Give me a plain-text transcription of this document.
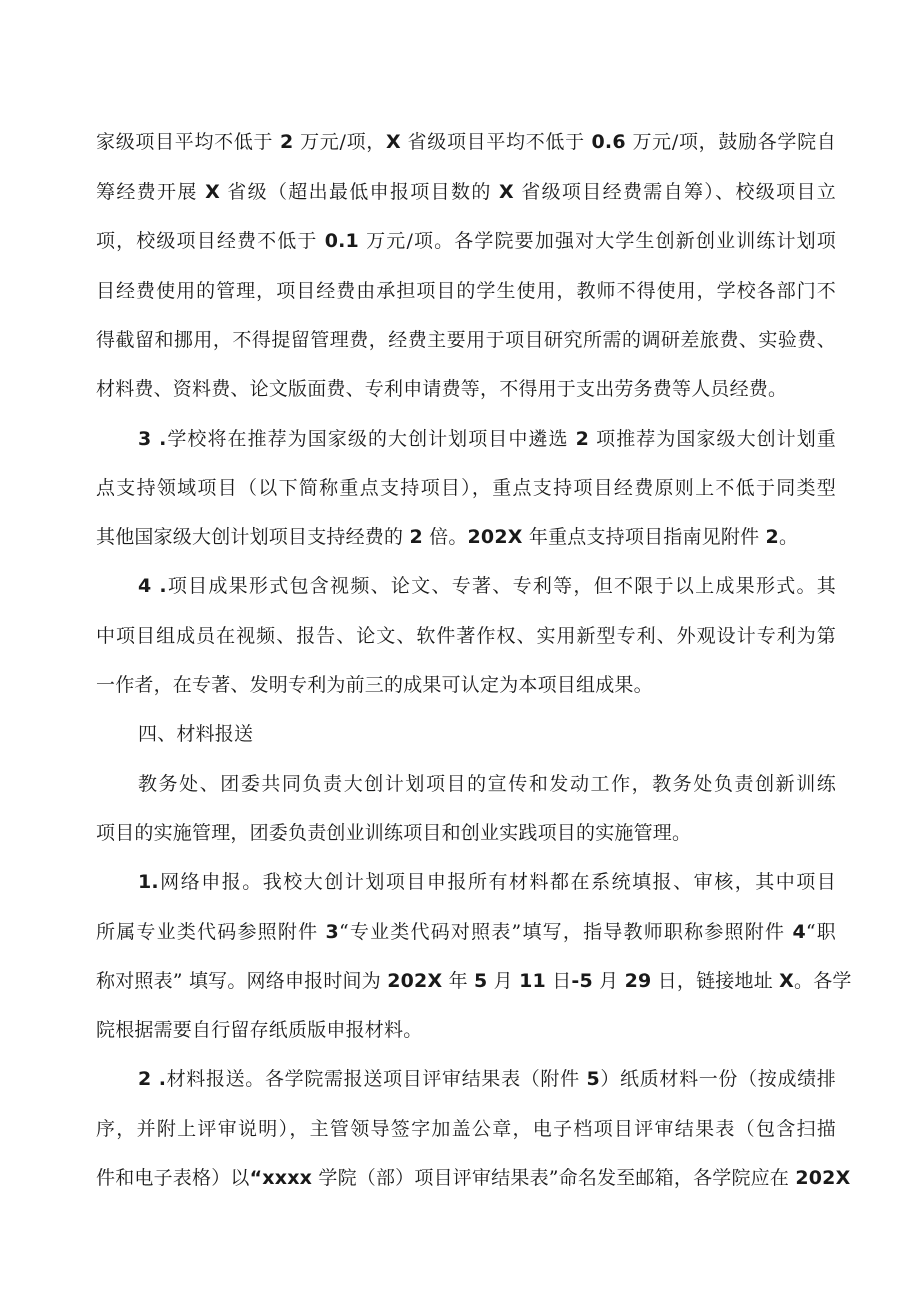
家级项目平均不低于 2 万元/项，X 省级项目平均不低于 0.6 万元/项，鼓励各学院自
筹经费开展 X 省级（超出最低申报项目数的 X 省级项目经费需自筹）、校级项目立
项，校级项目经费不低于 0.1 万元/项。各学院要加强对大学生创新创业训练计划项
目经费使用的管理，项目经费由承担项目的学生使用，教师不得使用，学校各部门不
得截留和挪用，不得提留管理费，经费主要用于项目研究所需的调研差旅费、实验费、
材料费、资料费、论文版面费、专利申请费等，不得用于支出劳务费等人员经费。
3 .学校将在推荐为国家级的大创计划项目中遴选 2 项推荐为国家级大创计划重
点支持领域项目（以下简称重点支持项目），重点支持项目经费原则上不低于同类型
其他国家级大创计划项目支持经费的 2 倍。202X 年重点支持项目指南见附件 2。
4 .项目成果形式包含视频、论文、专著、专利等，但不限于以上成果形式。其
中项目组成员在视频、报告、论文、软件著作权、实用新型专利、外观设计专利为第
一作者，在专著、发明专利为前三的成果可认定为本项目组成果。
四、材料报送
教务处、团委共同负责大创计划项目的宣传和发动工作，教务处负责创新训练
项目的实施管理，团委负责创业训练项目和创业实践项目的实施管理。
1.网络申报。我校大创计划项目申报所有材料都在系统填报、审核，其中项目
所属专业类代码参照附件 3“专业类代码对照表”填写，指导教师职称参照附件 4“职
称对照表” 填写。网络申报时间为 202X 年 5 月 11 日-5 月 29 日，链接地址 X。各学
院根据需要自行留存纸质版申报材料。
2 .材料报送。各学院需报送项目评审结果表（附件 5）纸质材料一份（按成绩排
序，并附上评审说明），主管领导签字加盖公章，电子档项目评审结果表（包含扫描
件和电子表格）以“xxxx 学院（部）项目评审结果表”命名发至邮箱，各学院应在 202X
